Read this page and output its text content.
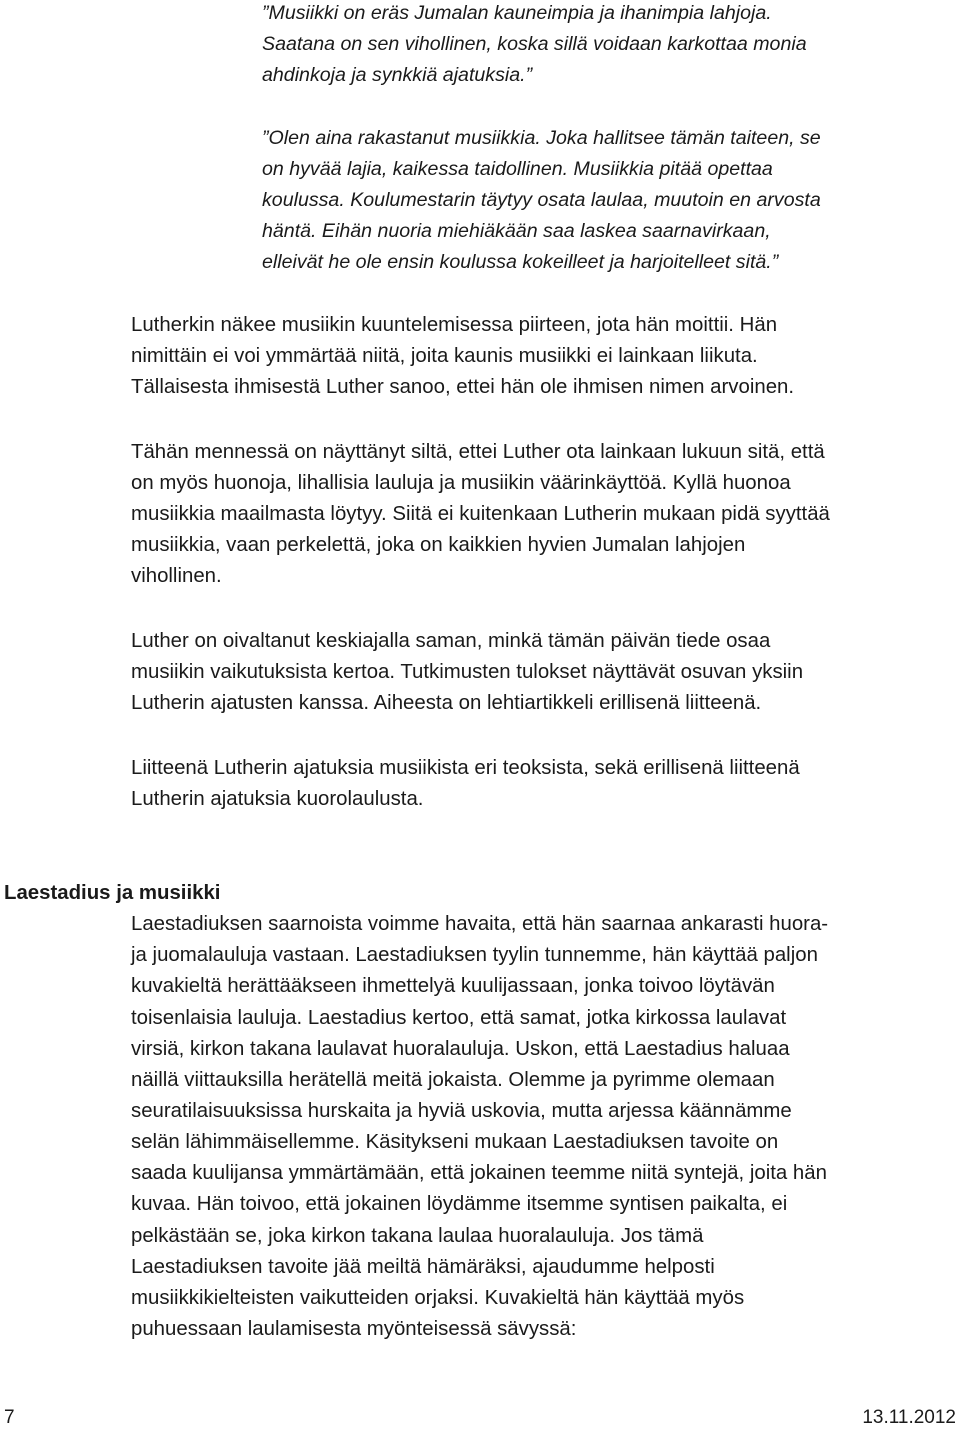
”Musiikki on eräs Jumalan kauneimpia ja ihanimpia lahjoja.
Saatana on sen vihollinen, koska sillä voidaan karkottaa monia
ahdinkoja ja synkkiä ajatuksia.”
”Olen aina rakastanut musiikkia. Joka hallitsee tämän taiteen, se
on hyvää lajia, kaikessa taidollinen. Musiikkia pitää opettaa
koulussa. Koulumestarin täytyy osata laulaa, muutoin en arvosta
häntä. Eihän nuoria miehiäkään saa laskea saarnavirkaan,
elleivät he ole ensin koulussa kokeilleet ja harjoitelleet sitä.”
Lutherkin näkee musiikin kuuntelemisessa piirteen, jota hän moittii. Hän
nimittäin ei voi ymmärtää niitä, joita kaunis musiikki ei lainkaan liikuta.
Tällaisesta ihmisestä Luther sanoo, ettei hän ole ihmisen nimen arvoinen.
Tähän mennessä on näyttänyt siltä, ettei Luther ota lainkaan lukuun sitä, että
on myös huonoja, lihallisia lauluja ja musiikin väärinkäyttöä. Kyllä huonoa
musiikkia maailmasta löytyy. Siitä ei kuitenkaan Lutherin mukaan pidä syyttää
musiikkia, vaan perkelettä, joka on kaikkien hyvien Jumalan lahjojen
vihollinen.
Luther on oivaltanut keskiajalla saman, minkä tämän päivän tiede osaa
musiikin vaikutuksista kertoa. Tutkimusten tulokset näyttävät osuvan yksiin
Lutherin ajatusten kanssa. Aiheesta on lehtiartikkeli erillisenä liitteenä.
Liitteenä Lutherin ajatuksia musiikista eri teoksista, sekä erillisenä liitteenä
Lutherin ajatuksia kuorolaulusta.
Laestadius ja musiikki
Laestadiuksen saarnoista voimme havaita, että hän saarnaa ankarasti huora-
ja juomalauluja vastaan. Laestadiuksen tyylin tunnemme, hän käyttää paljon
kuvakieltä herättääkseen ihmettelyä kuulijassaan, jonka toivoo löytävän
toisenlaisia lauluja. Laestadius kertoo, että samat, jotka kirkossa laulavat
virsiä, kirkon takana laulavat huoralauluja. Uskon, että Laestadius haluaa
näillä viittauksilla herätellä meitä jokaista. Olemme ja pyrimme olemaan
seuratilaisuuksissa hurskaita ja hyviä uskovia, mutta arjessa käännämme
selän lähimmäisellemme. Käsitykseni mukaan Laestadiuksen tavoite on
saada kuulijansa ymmärtämään, että jokainen teemme niitä syntejä, joita hän
kuvaa. Hän toivoo, että jokainen löydämme itsemme syntisen paikalta, ei
pelkästään se, joka kirkon takana laulaa huoralauluja. Jos tämä
Laestadiuksen tavoite jää meiltä hämäräksi, ajaudumme helposti
musiikkikielteisten vaikutteiden orjaksi. Kuvakieltä hän käyttää myös
puhuessaan laulamisesta myönteisessä sävyssä:
7	13.11.2012
